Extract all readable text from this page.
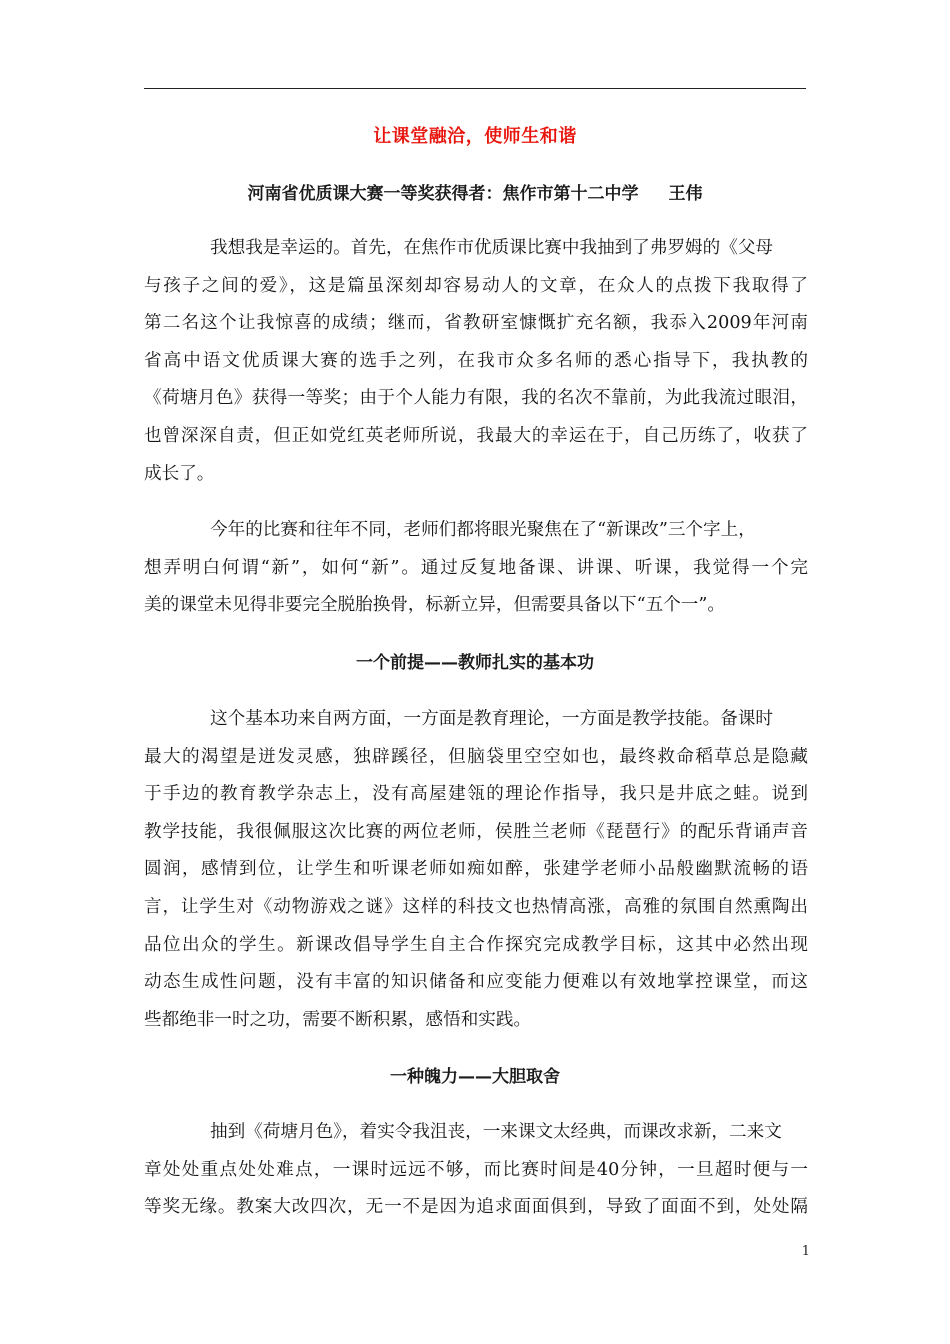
让课堂融洽，使师生和谐
河南省优质课大赛一等奖获得者：焦作市第十二中学 王伟
我想我是幸运的。首先，在焦作市优质课比赛中我抽到了弗罗姆的《父母
与孩子之间的爱》，这是篇虽深刻却容易动人的文章，在众人的点拨下我取得了
第二名这个让我惊喜的成绩；继而，省教研室慷慨扩充名额，我忝入2009年河南
省高中语文优质课大赛的选手之列，在我市众多名师的悉心指导下，我执教的
《荷塘月色》获得一等奖；由于个人能力有限，我的名次不靠前，为此我流过眼泪，
也曾深深自责，但正如党红英老师所说，我最大的幸运在于，自己历练了，收获了
成长了。
今年的比赛和往年不同，老师们都将眼光聚焦在了“新课改”三个字上，
想弄明白何谓“新”，如何“新”。通过反复地备课、讲课、听课，我觉得一个完
美的课堂未见得非要完全脱胎换骨，标新立异，但需要具备以下“五个一”。
一个前提——教师扎实的基本功
这个基本功来自两方面，一方面是教育理论，一方面是教学技能。备课时
最大的渴望是迸发灵感，独辟蹊径，但脑袋里空空如也，最终救命稻草总是隐藏
于手边的教育教学杂志上，没有高屋建瓴的理论作指导，我只是井底之蛙。说到
教学技能，我很佩服这次比赛的两位老师，侯胜兰老师《琵琶行》的配乐背诵声音
圆润，感情到位，让学生和听课老师如痴如醉，张建学老师小品般幽默流畅的语
言，让学生对《动物游戏之谜》这样的科技文也热情高涨，高雅的氛围自然熏陶出
品位出众的学生。新课改倡导学生自主合作探究完成教学目标，这其中必然出现
动态生成性问题，没有丰富的知识储备和应变能力便难以有效地掌控课堂，而这
些都绝非一时之功，需要不断积累，感悟和实践。
一种魄力——大胆取舍
抽到《荷塘月色》，着实令我沮丧，一来课文太经典，而课改求新，二来文
章处处重点处处难点，一课时远远不够，而比赛时间是40分钟，一旦超时便与一
等奖无缘。教案大改四次，无一不是因为追求面面俱到，导致了面面不到，处处隔
1
